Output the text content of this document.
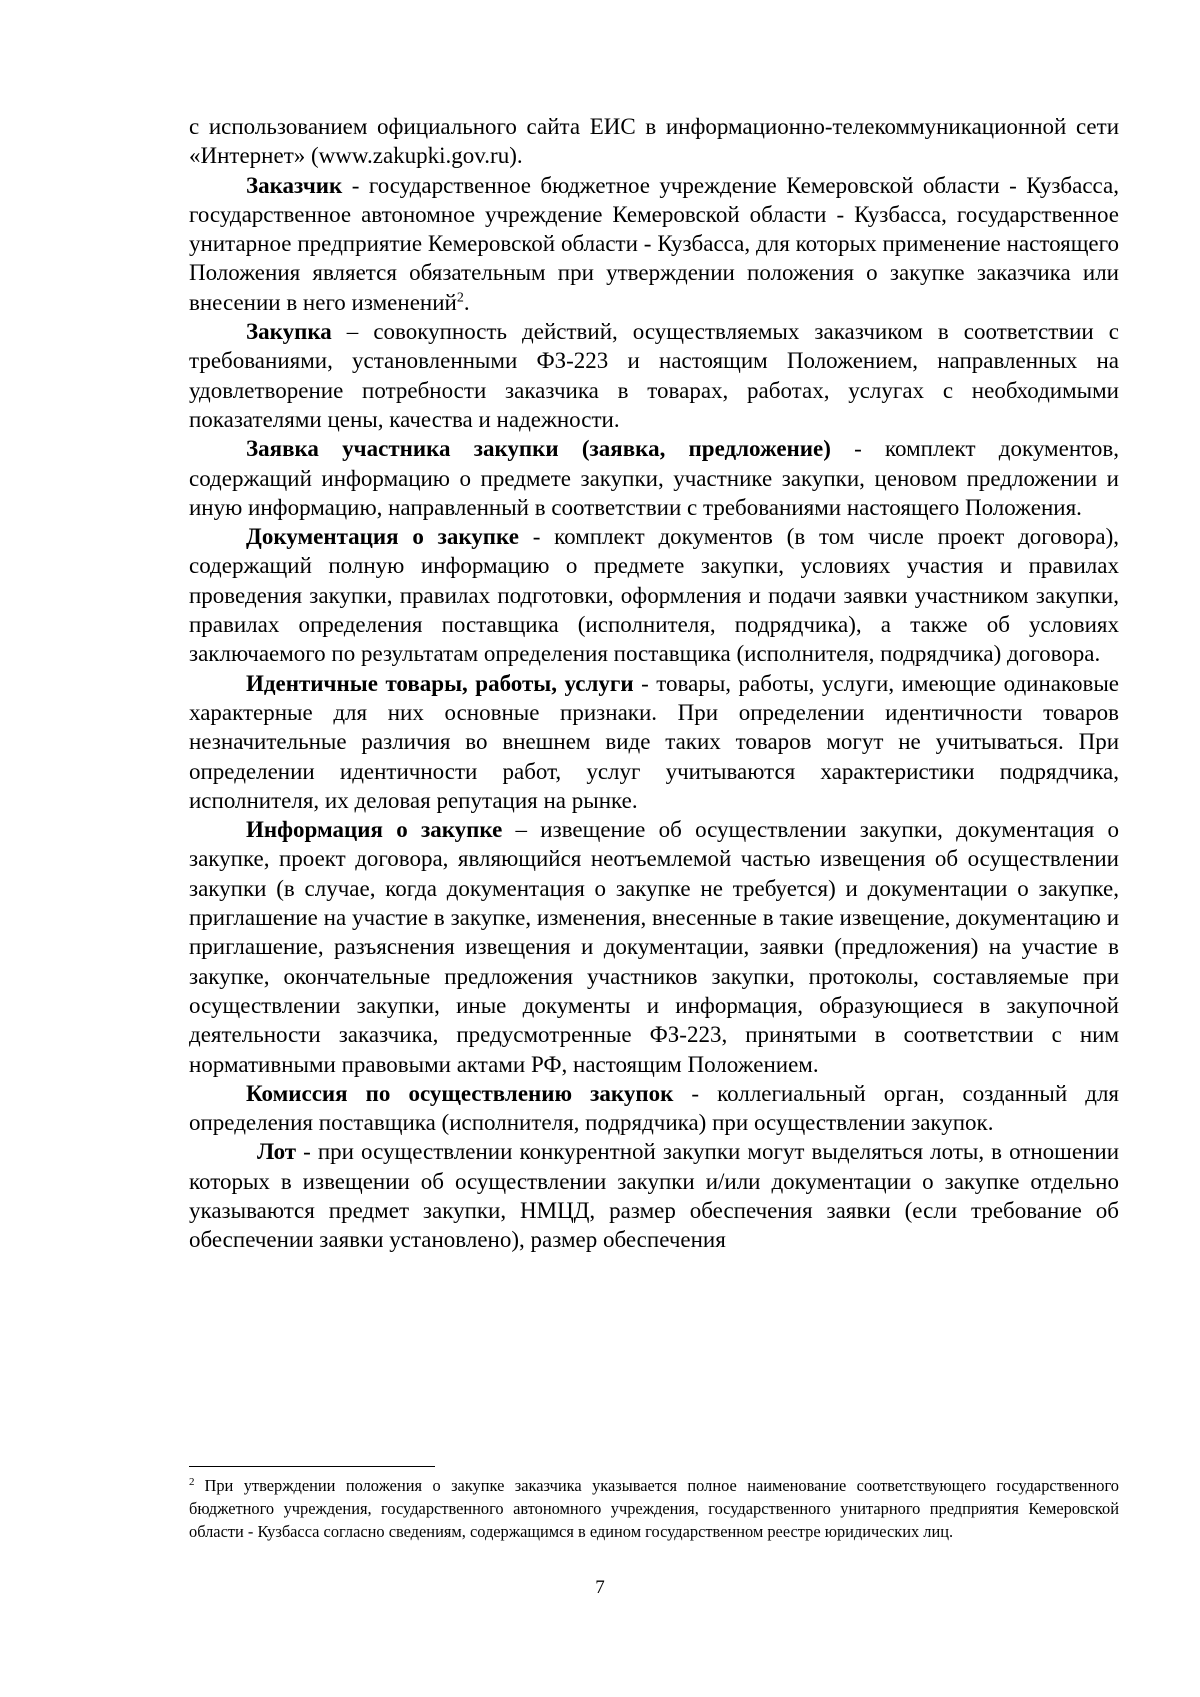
с использованием официального сайта ЕИС в информационно-телекоммуникационной сети «Интернет» (www.zakupki.gov.ru).

Заказчик - государственное бюджетное учреждение Кемеровской области - Кузбасса, государственное автономное учреждение Кемеровской области - Кузбасса, государственное унитарное предприятие Кемеровской области - Кузбасса, для которых применение настоящего Положения является обязательным при утверждении положения о закупке заказчика или внесении в него изменений$^2$.

Закупка – совокупность действий, осуществляемых заказчиком в соответствии с требованиями, установленными ФЗ-223 и настоящим Положением, направленных на удовлетворение потребности заказчика в товарах, работах, услугах с необходимыми показателями цены, качества и надежности.

Заявка участника закупки (заявка, предложение) - комплект документов, содержащий информацию о предмете закупки, участнике закупки, ценовом предложении и иную информацию, направленный в соответствии с требованиями настоящего Положения.

Документация о закупке - комплект документов (в том числе проект договора), содержащий полную информацию о предмете закупки, условиях участия и правилах проведения закупки, правилах подготовки, оформления и подачи заявки участником закупки, правилах определения поставщика (исполнителя, подрядчика), а также об условиях заключаемого по результатам определения поставщика (исполнителя, подрядчика) договора.

Идентичные товары, работы, услуги - товары, работы, услуги, имеющие одинаковые характерные для них основные признаки. При определении идентичности товаров незначительные различия во внешнем виде таких товаров могут не учитываться. При определении идентичности работ, услуг учитываются характеристики подрядчика, исполнителя, их деловая репутация на рынке.

Информация о закупке – извещение об осуществлении закупки, документация о закупке, проект договора, являющийся неотъемлемой частью извещения об осуществлении закупки (в случае, когда документация о закупке не требуется) и документации о закупке, приглашение на участие в закупке, изменения, внесенные в такие извещение, документацию и приглашение, разъяснения извещения и документации, заявки (предложения) на участие в закупке, окончательные предложения участников закупки, протоколы, составляемые при осуществлении закупки, иные документы и информация, образующиеся в закупочной деятельности заказчика, предусмотренные ФЗ-223, принятыми в соответствии с ним нормативными правовыми актами РФ, настоящим Положением.

Комиссия по осуществлению закупок - коллегиальный орган, созданный для определения поставщика (исполнителя, подрядчика) при осуществлении закупок.

Лот - при осуществлении конкурентной закупки могут выделяться лоты, в отношении которых в извещении об осуществлении закупки и/или документации о закупке отдельно указываются предмет закупки, НМЦД, размер обеспечения заявки (если требование об обеспечении заявки установлено), размер обеспечения

$^2$ При утверждении положения о закупке заказчика указывается полное наименование соответствующего государственного бюджетного учреждения, государственного автономного учреждения, государственного унитарного предприятия Кемеровской области - Кузбасса согласно сведениям, содержащимся в едином государственном реестре юридических лиц.

7
